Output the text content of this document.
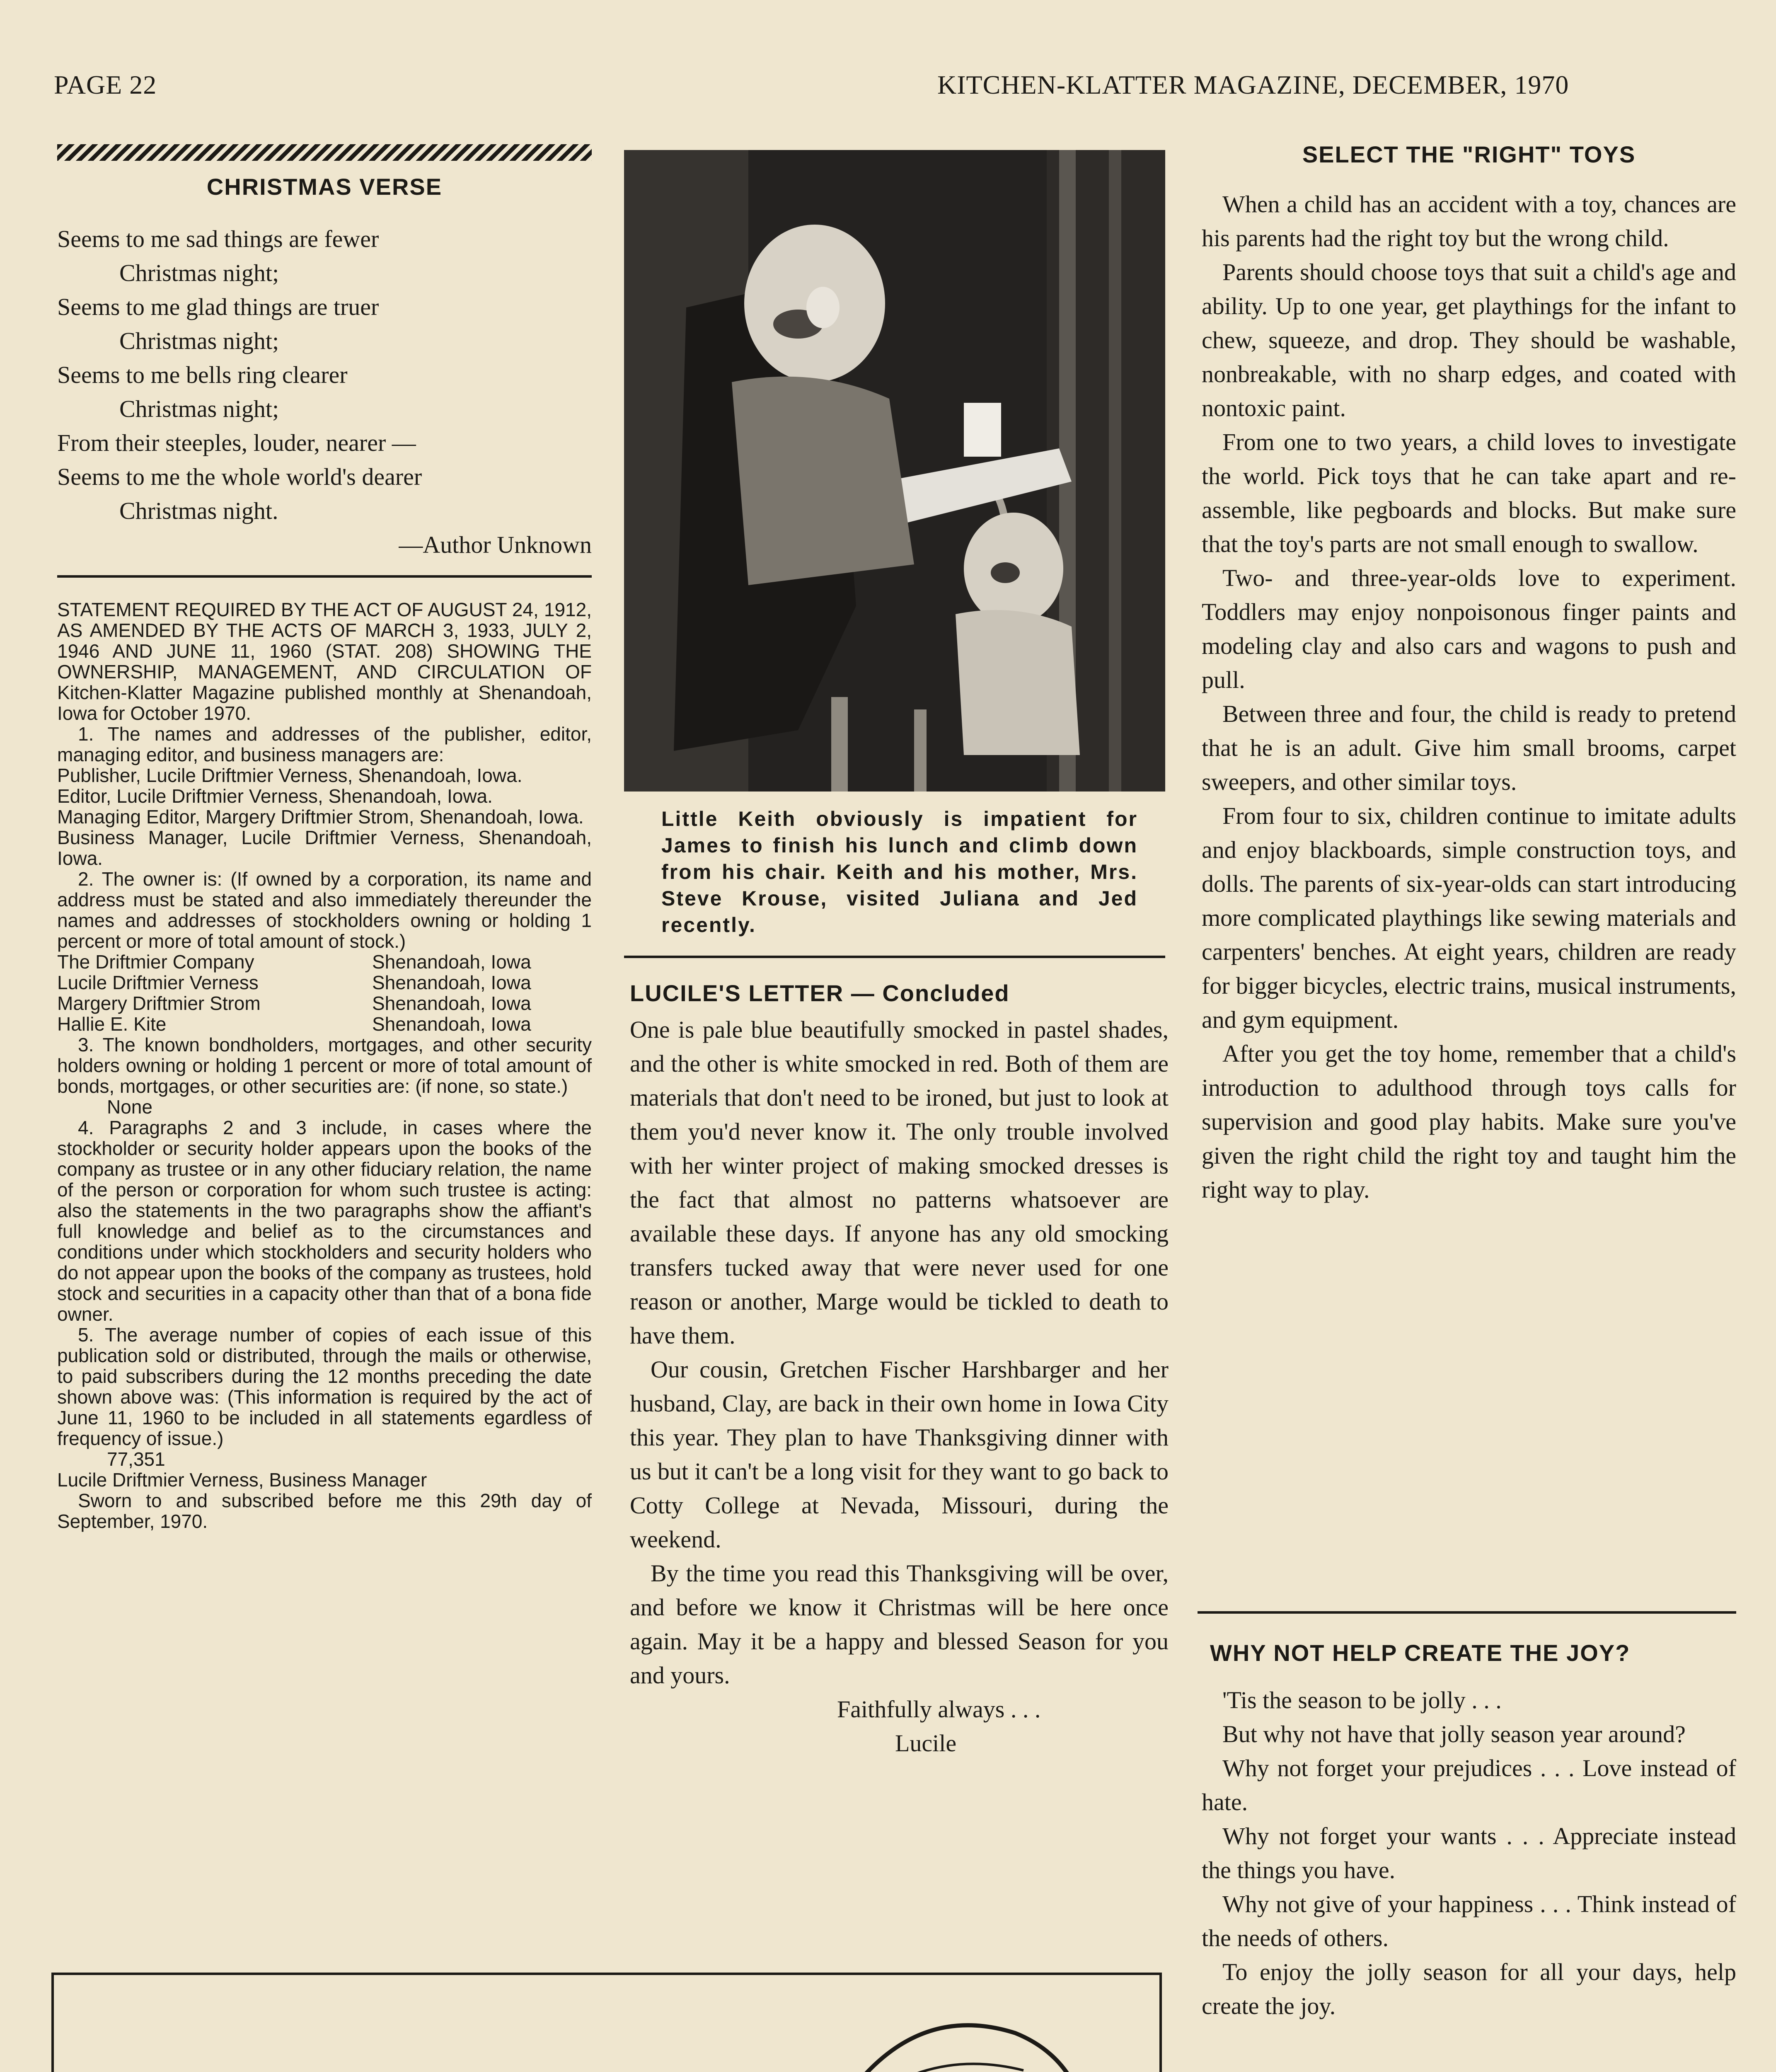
PAGE 22	KITCHEN-KLATTER MAGAZINE, DECEMBER, 1970
CHRISTMAS VERSE
Seems to me sad things are fewer
Christmas night;
Seems to me glad things are truer
Christmas night;
Seems to me bells ring clearer
Christmas night;
From their steeples, louder, nearer —
Seems to me the whole world's dearer
Christmas night.
—Author Unknown

STATEMENT REQUIRED BY THE ACT OF AUGUST 24, 1912, AS AMENDED BY THE ACTS OF MARCH 3, 1933, JULY 2, 1946 AND JUNE 11, 1960 (STAT. 208) SHOWING THE OWNERSHIP, MANAGEMENT, AND CIRCULATION OF Kitchen-Klatter Magazine published monthly at Shenandoah, Iowa for October 1970.

1. The names and addresses of the publisher, editor, managing editor, and business managers are:

Publisher, Lucile Driftmier Verness, Shenandoah, Iowa.

Editor, Lucile Driftmier Verness, Shenandoah, Iowa.

Managing Editor, Margery Driftmier Strom, Shenandoah, Iowa.

Business Manager, Lucile Driftmier Verness, Shenandoah, Iowa.

2. The owner is: (If owned by a corporation, its name and address must be stated and also immediately thereunder the names and addresses of stockholders owning or holding 1 percent or more of total amount of stock.)

The Driftmier Company	Shenandoah, Iowa
Lucile Driftmier Verness	Shenandoah, Iowa
Margery Driftmier Strom	Shenandoah, Iowa
Hallie E. Kite	Shenandoah, Iowa

3. The known bondholders, mortgages, and other security holders owning or holding 1 percent or more of total amount of bonds, mortgages, or other securities are: (if none, so state.)

None

4. Paragraphs 2 and 3 include, in cases where the stockholder or security holder appears upon the books of the company as trustee or in any other fiduciary relation, the name of the person or corporation for whom such trustee is acting: also the statements in the two paragraphs show the affiant's full knowledge and belief as to the circumstances and conditions under which stockholders and security holders who do not appear upon the books of the company as trustees, hold stock and securities in a capacity other than that of a bona fide owner.

5. The average number of copies of each issue of this publication sold or distributed, through the mails or otherwise, to paid subscribers during the 12 months preceding the date shown above was: (This information is required by the act of June 11, 1960 to be included in all statements egardless of frequency of issue.)

77,351

Lucile Driftmier Verness, Business Manager

Sworn to and subscribed before me this 29th day of September, 1970.

Little Keith obviously is impatient for James to finish his lunch and climb down from his chair. Keith and his mother, Mrs. Steve Krouse, visited Juliana and Jed recently.
LUCILE'S LETTER — Concluded

One is pale blue beautifully smocked in pastel shades, and the other is white smocked in red. Both of them are materials that don't need to be ironed, but just to look at them you'd never know it. The only trouble involved with her winter project of making smocked dresses is the fact that almost no patterns whatsoever are available these days. If anyone has any old smocking transfers tucked away that were never used for one reason or another, Marge would be tickled to death to have them.

Our cousin, Gretchen Fischer Harshbarger and her husband, Clay, are back in their own home in Iowa City this year. They plan to have Thanksgiving dinner with us but it can't be a long visit for they want to go back to Cotty College at Nevada, Missouri, during the weekend.

By the time you read this Thanksgiving will be over, and before we know it Christmas will be here once again. May it be a happy and blessed Season for you and yours.

Faithfully always . . .

Lucile

SELECT THE "RIGHT" TOYS

When a child has an accident with a toy, chances are his parents had the right toy but the wrong child.

Parents should choose toys that suit a child's age and ability. Up to one year, get playthings for the infant to chew, squeeze, and drop. They should be washable, nonbreakable, with no sharp edges, and coated with nontoxic paint.

From one to two years, a child loves to investigate the world. Pick toys that he can take apart and re-assemble, like pegboards and blocks. But make sure that the toy's parts are not small enough to swallow.

Two- and three-year-olds love to experiment. Toddlers may enjoy nonpoisonous finger paints and modeling clay and also cars and wagons to push and pull.

Between three and four, the child is ready to pretend that he is an adult. Give him small brooms, carpet sweepers, and other similar toys.

From four to six, children continue to imitate adults and enjoy blackboards, simple construction toys, and dolls. The parents of six-year-olds can start introducing more complicated playthings like sewing materials and carpenters' benches. At eight years, children are ready for bigger bicycles, electric trains, musical instruments, and gym equipment.

After you get the toy home, remember that a child's introduction to adulthood through toys calls for supervision and good play habits. Make sure you've given the right child the right toy and taught him the right way to play.

WHY NOT HELP CREATE THE JOY?

'Tis the season to be jolly . . .

But why not have that jolly season year around?

Why not forget your prejudices . . . Love instead of hate.

Why not forget your wants . . . Appreciate instead the things you have.

Why not give of your happiness . . . Think instead of the needs of others.

To enjoy the jolly season for all your days, help create the joy.
